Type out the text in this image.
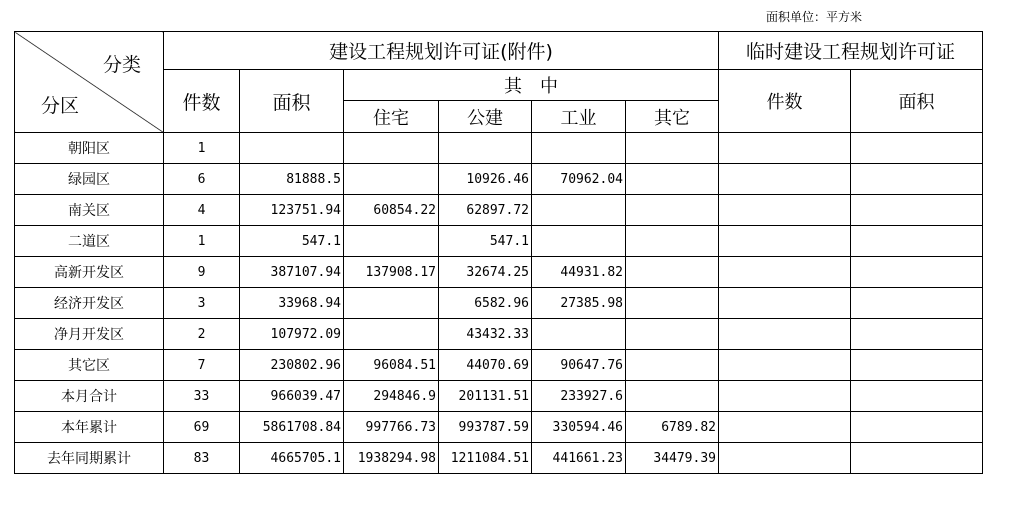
面积单位：平方米
分类
分区	建设工程规划许可证(附件)						临时建设工程规划许可证	
	件数	面积	其　中				件数	面积
			住宅	公建	工业	其它		
朝阳区	1							
绿园区	6	81888.5		10926.46	70962.04			
南关区	4	123751.94	60854.22	62897.72				
二道区	1	547.1		547.1				
高新开发区	9	387107.94	137908.17	32674.25	44931.82			
经济开发区	3	33968.94		6582.96	27385.98			
净月开发区	2	107972.09		43432.33				
其它区	7	230802.96	96084.51	44070.69	90647.76			
本月合计	33	966039.47	294846.9	201131.51	233927.6			
本年累计	69	5861708.84	997766.73	993787.59	330594.46	6789.82		
去年同期累计	83	4665705.1	1938294.98	1211084.51	441661.23	34479.39		
